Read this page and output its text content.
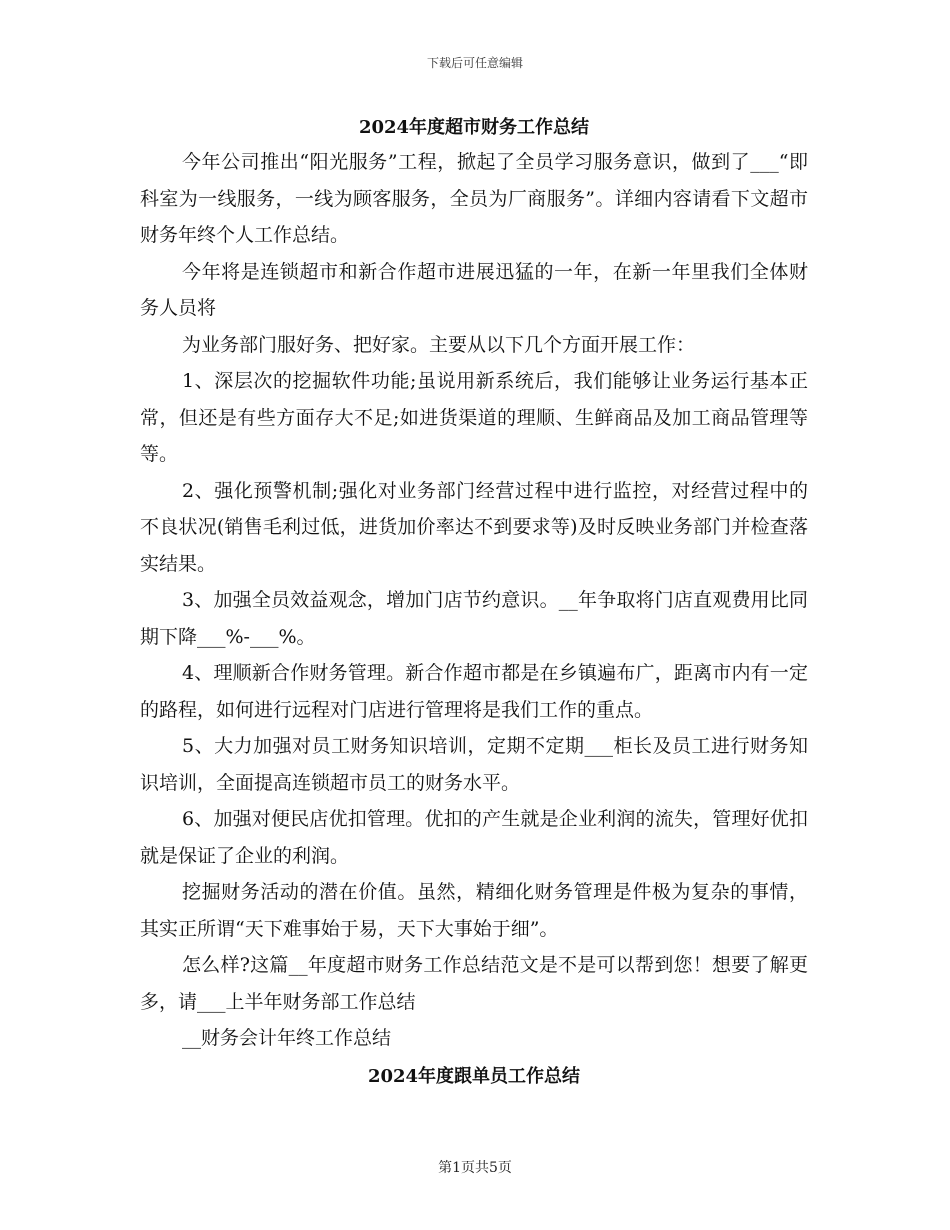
下载后可任意编辑
2024年度超市财务工作总结

今年公司推出“阳光服务”工程，掀起了全员学习服务意识，做到了___“即科室为一线服务，一线为顾客服务，全员为厂商服务”。详细内容请看下文超市财务年终个人工作总结。

今年将是连锁超市和新合作超市进展迅猛的一年，在新一年里我们全体财务人员将

为业务部门服好务、把好家。主要从以下几个方面开展工作：

1、深层次的挖掘软件功能;虽说用新系统后，我们能够让业务运行基本正常，但还是有些方面存大不足;如进货渠道的理顺、生鲜商品及加工商品管理等等。

2、强化预警机制;强化对业务部门经营过程中进行监控，对经营过程中的不良状况(销售毛利过低，进货加价率达不到要求等)及时反映业务部门并检查落实结果。

3、加强全员效益观念，增加门店节约意识。__年争取将门店直观费用比同期下降___%-___%。

4、理顺新合作财务管理。新合作超市都是在乡镇遍布广，距离市内有一定的路程，如何进行远程对门店进行管理将是我们工作的重点。

5、大力加强对员工财务知识培训，定期不定期___柜长及员工进行财务知识培训，全面提高连锁超市员工的财务水平。

6、加强对便民店优扣管理。优扣的产生就是企业利润的流失，管理好优扣就是保证了企业的利润。

挖掘财务活动的潜在价值。虽然，精细化财务管理是件极为复杂的事情，其实正所谓“天下难事始于易，天下大事始于细”。

怎么样?这篇__年度超市财务工作总结范文是不是可以帮到您！想要了解更多，请___上半年财务部工作总结

__财务会计年终工作总结

2024年度跟单员工作总结
第1页共5页
